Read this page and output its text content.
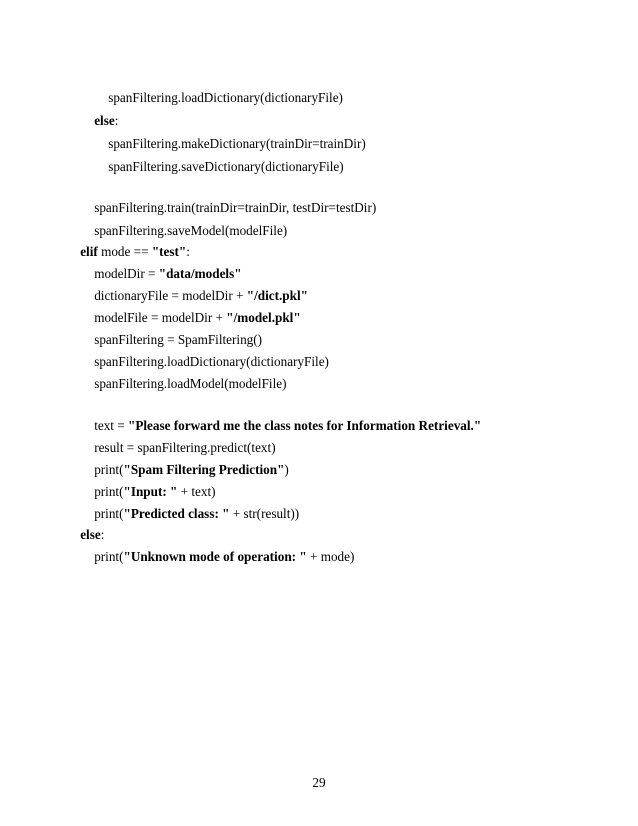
spanFiltering.loadDictionary(dictionaryFile)

else:

spanFiltering.makeDictionary(trainDir=trainDir)

spanFiltering.saveDictionary(dictionaryFile)

spanFiltering.train(trainDir=trainDir, testDir=testDir)

spanFiltering.saveModel(modelFile)

elif mode == "test":

modelDir = "data/models"

dictionaryFile = modelDir + "/dict.pkl"

modelFile = modelDir + "/model.pkl"

spanFiltering = SpamFiltering()

spanFiltering.loadDictionary(dictionaryFile)

spanFiltering.loadModel(modelFile)

text = "Please forward me the class notes for Information Retrieval."

result = spanFiltering.predict(text)

print("Spam Filtering Prediction")

print("Input: " + text)

print("Predicted class: " + str(result))

else:

print("Unknown mode of operation: " + mode)

29
